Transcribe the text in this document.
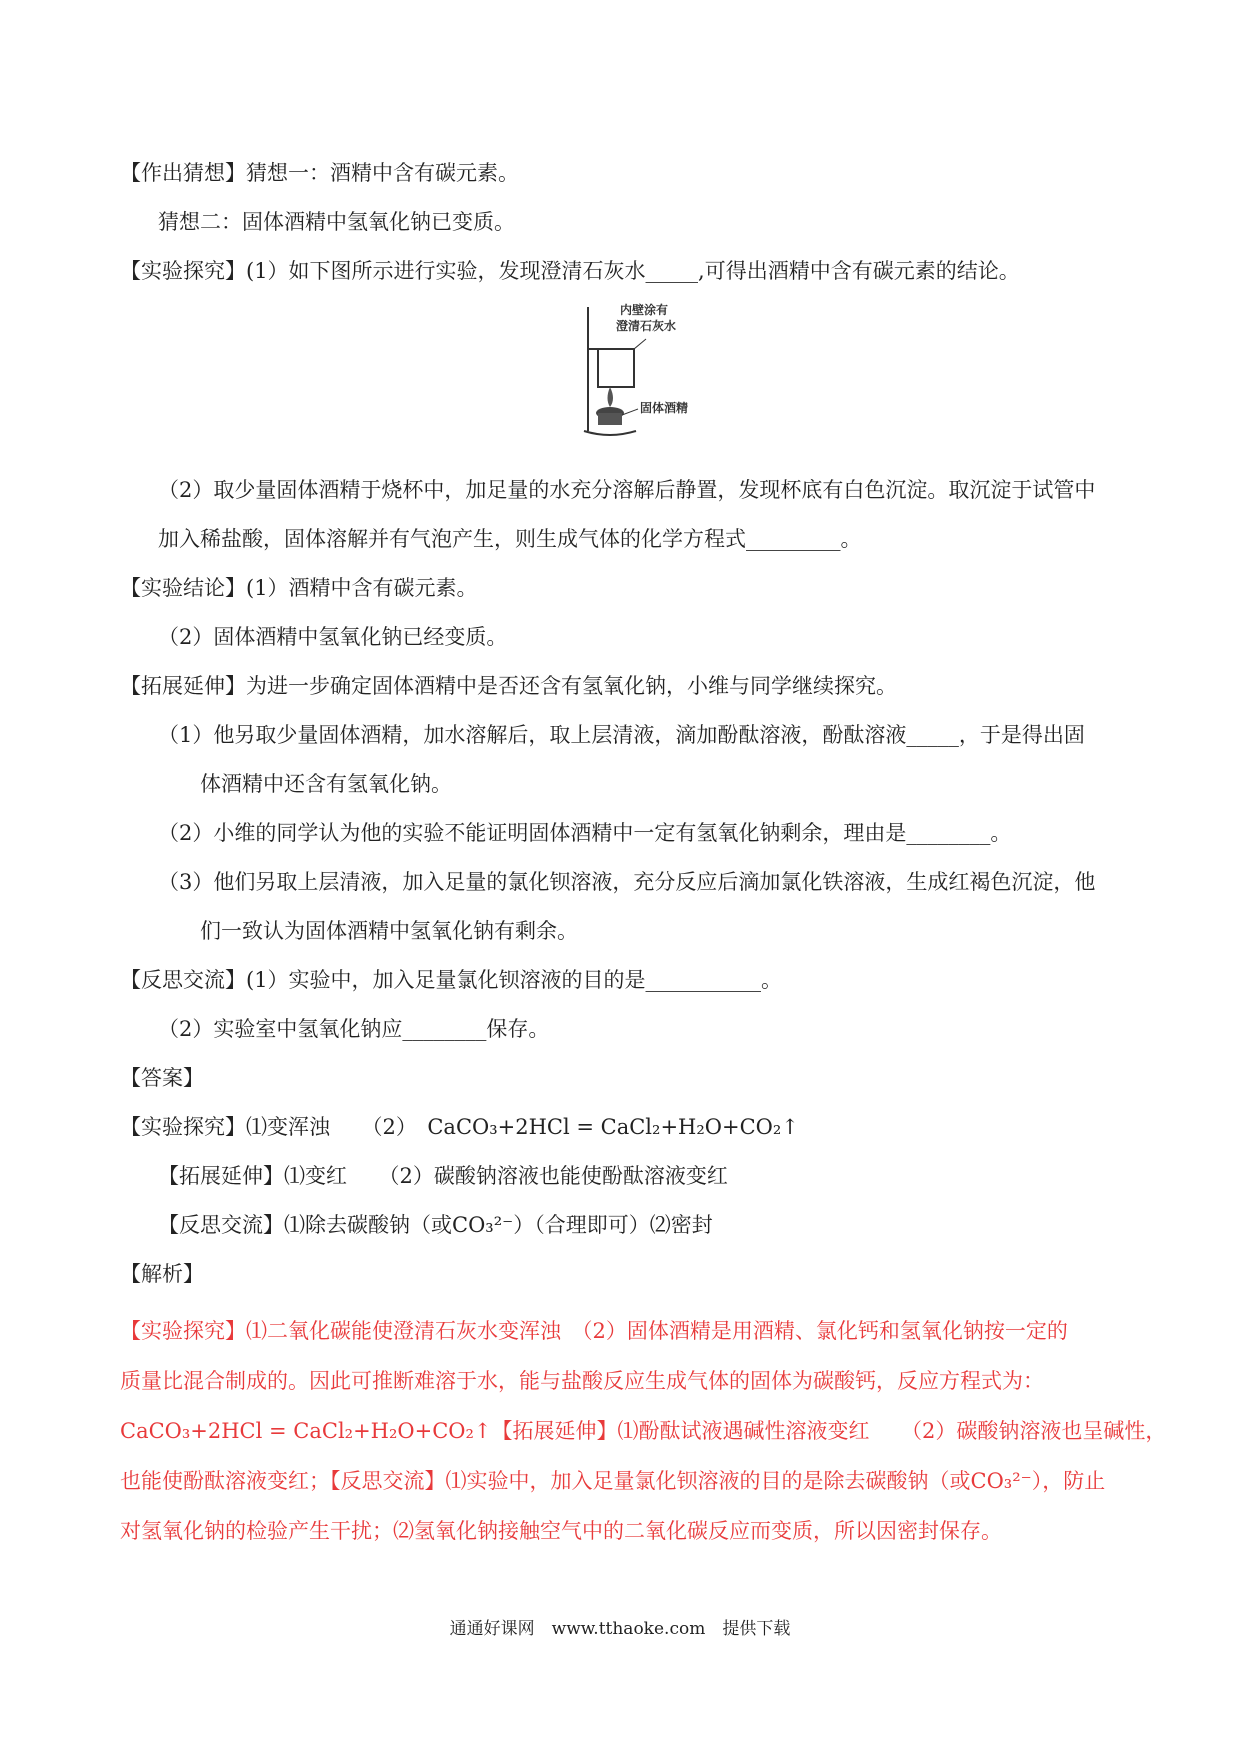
【作出猜想】猜想一：酒精中含有碳元素。
猜想二：固体酒精中氢氧化钠已变质。
【实验探究】(1）如下图所示进行实验，发现澄清石灰水_____,可得出酒精中含有碳元素的结论。
内壁涂有
澄清石灰水
固体酒精
（2）取少量固体酒精于烧杯中，加足量的水充分溶解后静置，发现杯底有白色沉淀。取沉淀于试管中
加入稀盐酸，固体溶解并有气泡产生，则生成气体的化学方程式_________。
【实验结论】(1）酒精中含有碳元素。
（2）固体酒精中氢氧化钠已经变质。
【拓展延伸】为进一步确定固体酒精中是否还含有氢氧化钠，小维与同学继续探究。
（1）他另取少量固体酒精，加水溶解后，取上层清液，滴加酚酞溶液，酚酞溶液_____，于是得出固
体酒精中还含有氢氧化钠。
（2）小维的同学认为他的实验不能证明固体酒精中一定有氢氧化钠剩余，理由是________。
（3）他们另取上层清液，加入足量的氯化钡溶液，充分反应后滴加氯化铁溶液，生成红褐色沉淀，他
们一致认为固体酒精中氢氧化钠有剩余。
【反思交流】(1）实验中，加入足量氯化钡溶液的目的是___________。
（2）实验室中氢氧化钠应________保存。
【答案】
【实验探究】⑴变浑浊　　（2）　CaCO₃+2HCl = CaCl₂+H₂O+CO₂↑
【拓展延伸】⑴变红　　（2）碳酸钠溶液也能使酚酞溶液变红
【反思交流】⑴除去碳酸钠（或CO₃²⁻）（合理即可）⑵密封
【解析】
【实验探究】⑴二氧化碳能使澄清石灰水变浑浊　（2）固体酒精是用酒精、氯化钙和氢氧化钠按一定的
质量比混合制成的。因此可推断难溶于水，能与盐酸反应生成气体的固体为碳酸钙，反应方程式为：
CaCO₃+2HCl = CaCl₂+H₂O+CO₂↑【拓展延伸】⑴酚酞试液遇碱性溶液变红　　（2）碳酸钠溶液也呈碱性，
也能使酚酞溶液变红；【反思交流】⑴实验中，加入足量氯化钡溶液的目的是除去碳酸钠（或CO₃²⁻），防止
对氢氧化钠的检验产生干扰；⑵氢氧化钠接触空气中的二氧化碳反应而变质，所以因密封保存。
通通好课网　www.tthaoke.com　提供下载
